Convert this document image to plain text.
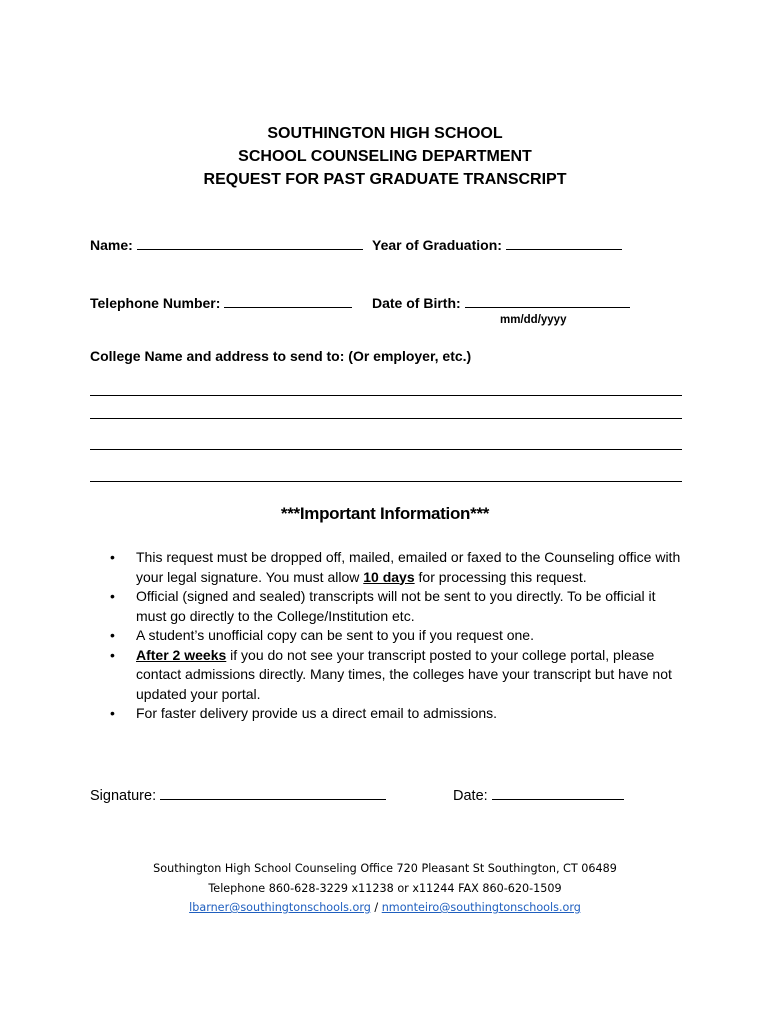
SOUTHINGTON HIGH SCHOOL
SCHOOL COUNSELING DEPARTMENT
REQUEST FOR PAST GRADUATE TRANSCRIPT
Name:	Year of Graduation:
Telephone Number:	Date of Birth:
mm/dd/yyyy
College Name and address to send to: (Or employer, etc.)
***Important Information***
• This request must be dropped off, mailed, emailed or faxed to the Counseling office with your legal signature. You must allow 10 days for processing this request.
• Official (signed and sealed) transcripts will not be sent to you directly. To be official it must go directly to the College/Institution etc.
• A student’s unofficial copy can be sent to you if you request one.
• After 2 weeks if you do not see your transcript posted to your college portal, please contact admissions directly. Many times, the colleges have your transcript but have not updated your portal.
• For faster delivery provide us a direct email to admissions.
Signature:	Date:
Southington High School Counseling Office 720 Pleasant St Southington, CT 06489
Telephone 860-628-3229 x11238 or x11244 FAX 860-620-1509
lbarner@southingtonschools.org / nmonteiro@southingtonschools.org
